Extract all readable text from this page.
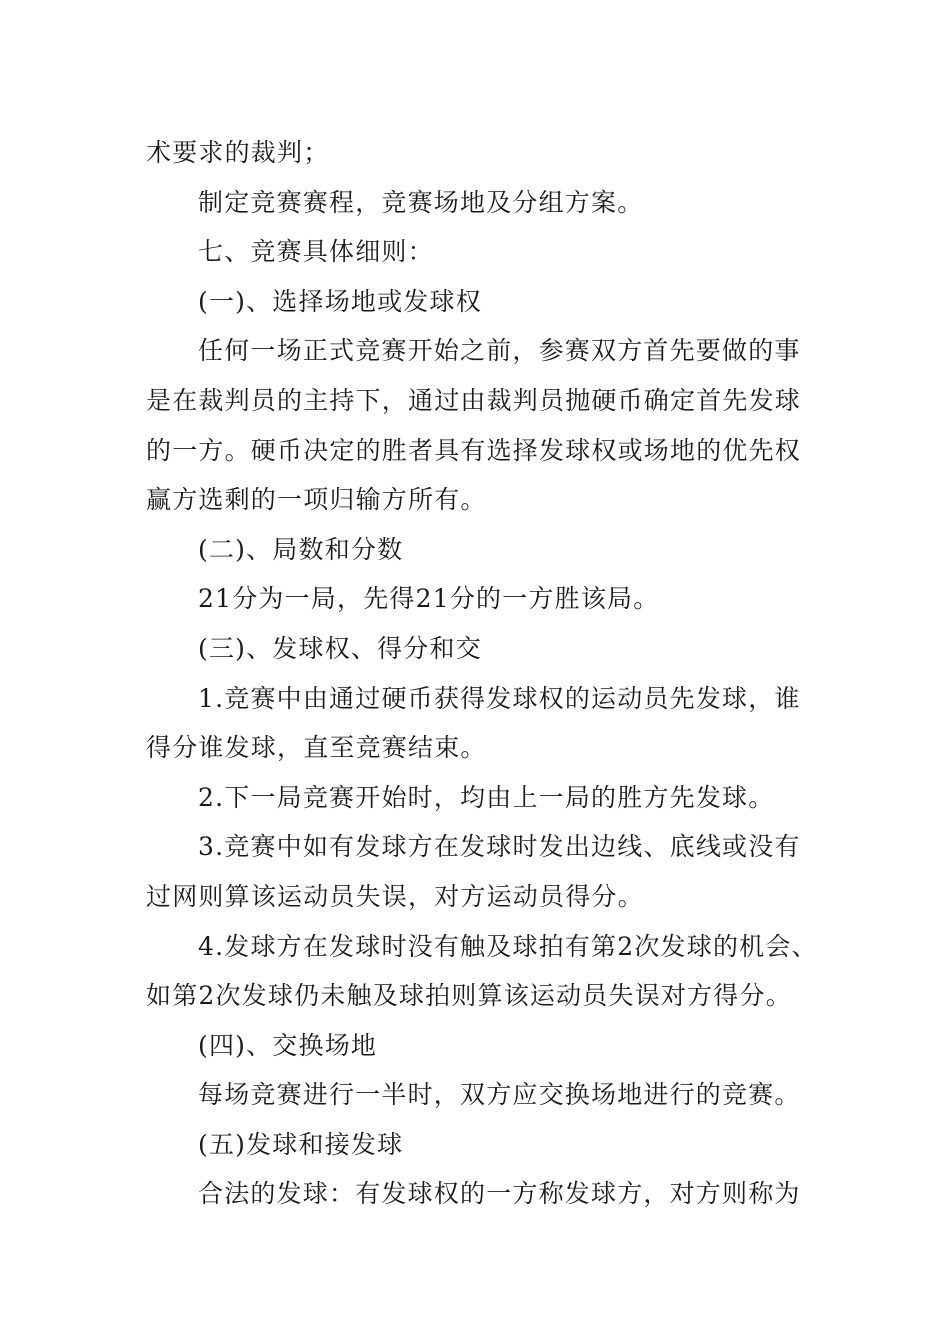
术要求的裁判；
制定竞赛赛程，竞赛场地及分组方案。
七、竞赛具体细则：
(一)、选择场地或发球权
任何一场正式竞赛开始之前，参赛双方首先要做的事
是在裁判员的主持下，通过由裁判员抛硬币确定首先发球
的一方。硬币决定的胜者具有选择发球权或场地的优先权
赢方选剩的一项归输方所有。
(二)、局数和分数
21分为一局，先得21分的一方胜该局。
(三)、发球权、得分和交
1.竞赛中由通过硬币获得发球权的运动员先发球，谁
得分谁发球，直至竞赛结束。
2.下一局竞赛开始时，均由上一局的胜方先发球。
3.竞赛中如有发球方在发球时发出边线、底线或没有
过网则算该运动员失误，对方运动员得分。
4.发球方在发球时没有触及球拍有第2次发球的机会、
如第2次发球仍未触及球拍则算该运动员失误对方得分。
(四)、交换场地
每场竞赛进行一半时，双方应交换场地进行的竞赛。
(五)发球和接发球
合法的发球：有发球权的一方称发球方，对方则称为
